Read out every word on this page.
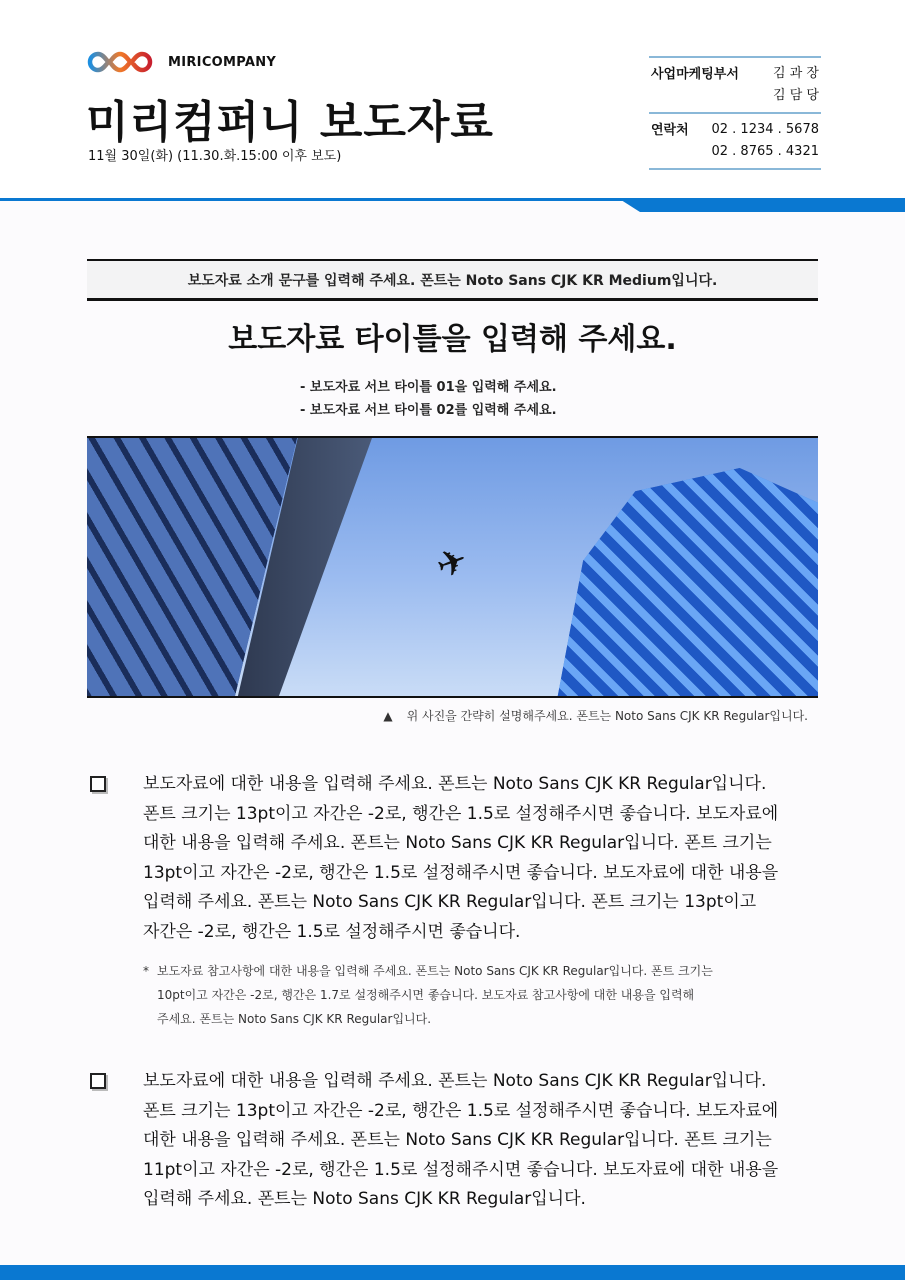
MIRICOMPANY
미리컴퍼니 보도자료
11월 30일(화) (11.30.화.15:00 이후 보도)
사업마케팅부서	김 과 장
김 담 당
연락처 02 . 1234 . 5678
02 . 8765 . 4321
보도자료 소개 문구를 입력해 주세요. 폰트는 Noto Sans CJK KR Medium입니다.
보도자료 타이틀을 입력해 주세요.
- 보도자료 서브 타이틀 01을 입력해 주세요.
- 보도자료 서브 타이틀 02를 입력해 주세요.
✈
▲ 위 사진을 간략히 설명해주세요. 폰트는 Noto Sans CJK KR Regular입니다.
보도자료에 대한 내용을 입력해 주세요. 폰트는 Noto Sans CJK KR Regular입니다.
폰트 크기는 13pt이고 자간은 -2로, 행간은 1.5로 설정해주시면 좋습니다. 보도자료에
대한 내용을 입력해 주세요. 폰트는 Noto Sans CJK KR Regular입니다. 폰트 크기는
13pt이고 자간은 -2로, 행간은 1.5로 설정해주시면 좋습니다. 보도자료에 대한 내용을
입력해 주세요. 폰트는 Noto Sans CJK KR Regular입니다. 폰트 크기는 13pt이고
자간은 -2로, 행간은 1.5로 설정해주시면 좋습니다.
* 보도자료 참고사항에 대한 내용을 입력해 주세요. 폰트는 Noto Sans CJK KR Regular입니다. 폰트 크기는
10pt이고 자간은 -2로, 행간은 1.7로 설정해주시면 좋습니다. 보도자료 참고사항에 대한 내용을 입력해
주세요. 폰트는 Noto Sans CJK KR Regular입니다.
보도자료에 대한 내용을 입력해 주세요. 폰트는 Noto Sans CJK KR Regular입니다.
폰트 크기는 13pt이고 자간은 -2로, 행간은 1.5로 설정해주시면 좋습니다. 보도자료에
대한 내용을 입력해 주세요. 폰트는 Noto Sans CJK KR Regular입니다. 폰트 크기는
11pt이고 자간은 -2로, 행간은 1.5로 설정해주시면 좋습니다. 보도자료에 대한 내용을
입력해 주세요. 폰트는 Noto Sans CJK KR Regular입니다.
